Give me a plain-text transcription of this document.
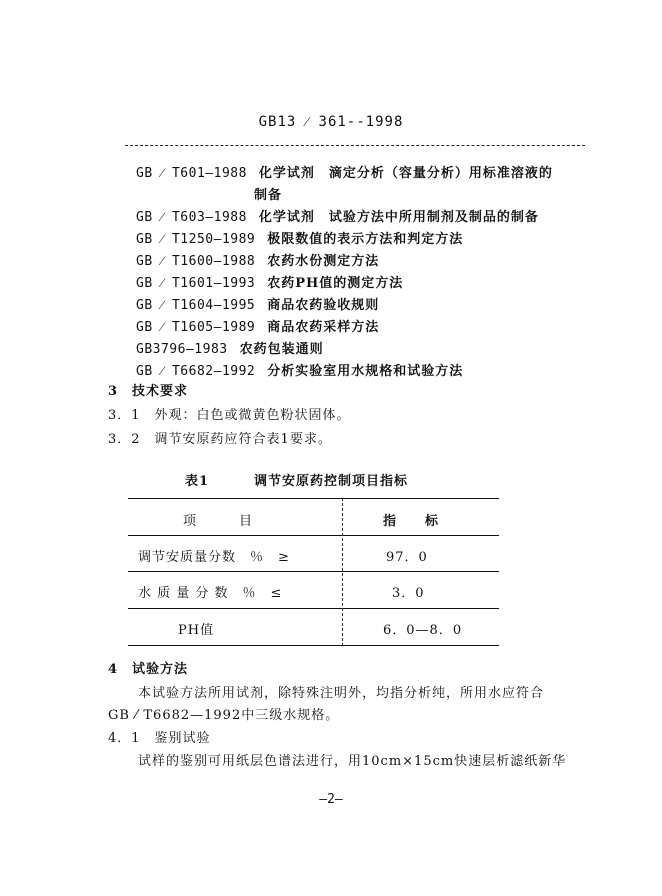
GB13 ⁄ 361--1998
GB ⁄ T601—1988 化学试剂　滴定分析（容量分析）用标准溶液的
制备
GB ⁄ T603—1988 化学试剂　试验方法中所用制剂及制品的制备
GB ⁄ T1250—1989 极限数值的表示方法和判定方法
GB ⁄ T1600—1988 农药水份测定方法
GB ⁄ T1601—1993 农药PH值的测定方法
GB ⁄ T1604—1995 商品农药验收规则
GB ⁄ T1605—1989 商品农药采样方法
GB3796—1983 农药包装通则
GB ⁄ T6682—1992 分析实验室用水规格和试验方法
3　技术要求
3．1　外观：白色或微黄色粉状固体。
3．2　调节安原药应符合表1要求。
表1	调节安原药控制项目指标
项　　　目	指　　标
调节安质量分数　％　≥	97．0
水 质 量 分 数　％　≤	3．0
PH值	6．0—8．0
4　试验方法
本试验方法所用试剂，除特殊注明外，均指分析纯，所用水应符合
GB ⁄ T6682—1992中三级水规格。
4．1　鉴别试验
试样的鉴别可用纸层色谱法进行，用10cm×15cm快速层析滤纸新华
—2—
